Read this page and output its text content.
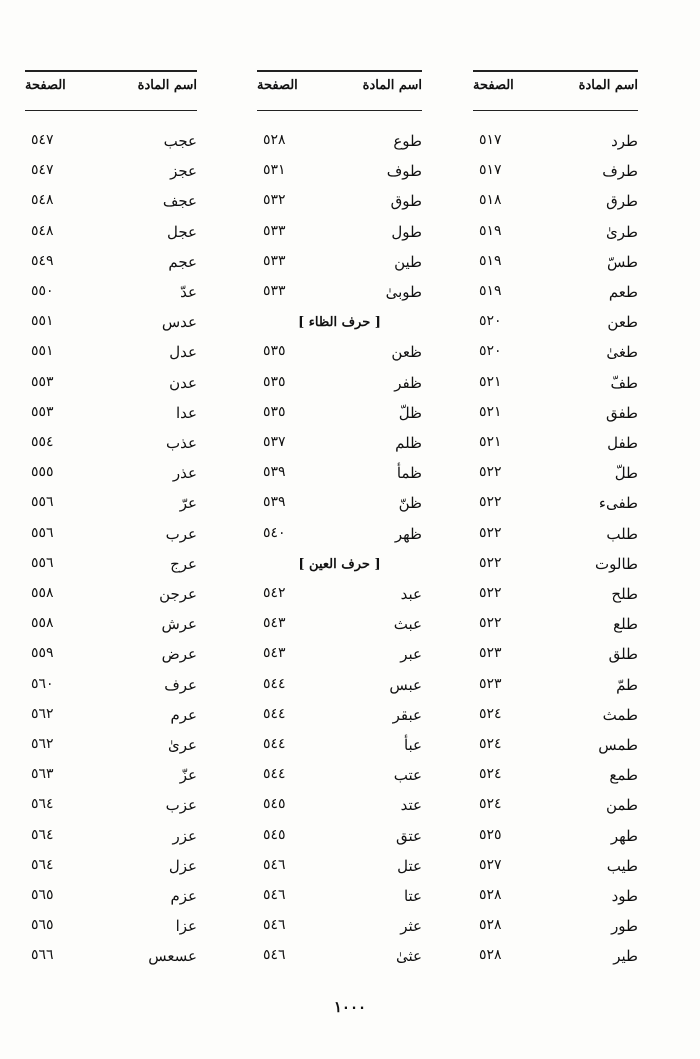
اسم المادة
الصفحة
طرد
٥١٧
طرف
٥١٧
طرق
٥١٨
طرىٰ
٥١٩
طسّ
٥١٩
طعم
٥١٩
طعن
٥٢٠
طغىٰ
٥٢٠
طفّ
٥٢١
طفق
٥٢١
طفل
٥٢١
طلّ
٥٢٢
طفىء
٥٢٢
طلب
٥٢٢
طالوت
٥٢٢
طلح
٥٢٢
طلع
٥٢٢
طلق
٥٢٣
طمّ
٥٢٣
طمث
٥٢٤
طمس
٥٢٤
طمع
٥٢٤
طمن
٥٢٤
طهر
٥٢٥
طيب
٥٢٧
طود
٥٢٨
طور
٥٢٨
طير
٥٢٨
اسم المادة
الصفحة
طوع
٥٢٨
طوف
٥٣١
طوق
٥٣٢
طول
٥٣٣
طين
٥٣٣
طوبىٰ
٥٣٣
[ حرف الظاء ]
ظعن
٥٣٥
ظفر
٥٣٥
ظلّ
٥٣٥
ظلم
٥٣٧
ظمأ
٥٣٩
ظنّ
٥٣٩
ظهر
٥٤٠
[ حرف العين ]
عبد
٥٤٢
عبث
٥٤٣
عبر
٥٤٣
عبس
٥٤٤
عبقر
٥٤٤
عبأ
٥٤٤
عتب
٥٤٤
عتد
٥٤٥
عتق
٥٤٥
عتل
٥٤٦
عتا
٥٤٦
عثر
٥٤٦
عثىٰ
٥٤٦
اسم المادة
الصفحة
عجب
٥٤٧
عجز
٥٤٧
عجف
٥٤٨
عجل
٥٤٨
عجم
٥٤٩
عدّ
٥٥٠
عدس
٥٥١
عدل
٥٥١
عدن
٥٥٣
عدا
٥٥٣
عذب
٥٥٤
عذر
٥٥٥
عرّ
٥٥٦
عرب
٥٥٦
عرج
٥٥٦
عرجن
٥٥٨
عرش
٥٥٨
عرض
٥٥٩
عرف
٥٦٠
عرم
٥٦٢
عرىٰ
٥٦٢
عزّ
٥٦٣
عزب
٥٦٤
عزر
٥٦٤
عزل
٥٦٤
عزم
٥٦٥
عزا
٥٦٥
عسعس
٥٦٦
١٠٠٠
